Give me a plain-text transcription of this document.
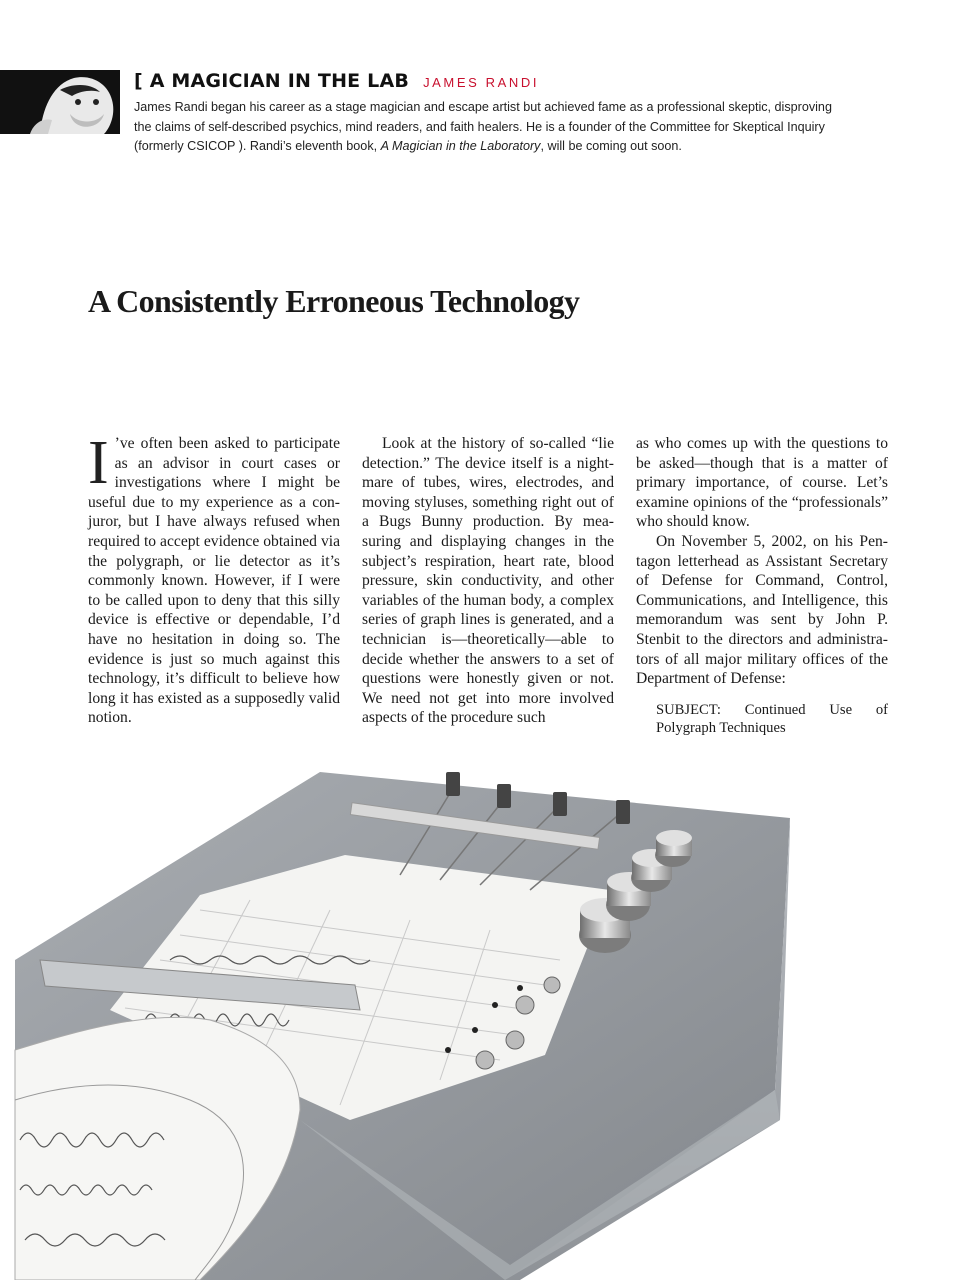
[ A MAGICIAN IN THE LAB JAMES RANDI

James Randi began his career as a stage magician and escape artist but achieved fame as a professional skeptic, disproving the claims of self-described psychics, mind readers, and faith healers. He is a founder of the Committee for Skeptical Inquiry (formerly CSICOP ). Randi’s eleventh book, A Magician in the Laboratory, will be coming out soon.

A Consistently Erroneous Technology

I ’ve often been asked to participate as an advisor in court cases or investigations where I might be useful due to my experience as a conjuror, but I have always refused when required to accept evidence obtained via the polygraph, or lie detector as it’s commonly known. However, if I were to be called upon to deny that this silly device is effective or dependable, I’d have no hesitation in doing so. The evidence is just so much against this technology, it’s difficult to believe how long it has existed as a supposedly valid notion.

Look at the history of so-called “lie detection.” The device itself is a nightmare of tubes, wires, electrodes, and moving styluses, something right out of a Bugs Bunny production. By measuring and displaying changes in the subject’s respiration, heart rate, blood pressure, skin conductivity, and other variables of the human body, a complex series of graph lines is generated, and a technician is—theoretically—able to decide whether the answers to a set of questions were honestly given or not. We need not get into more involved aspects of the procedure such

as who comes up with the questions to be asked—though that is a matter of primary importance, of course. Let’s examine opinions of the “professionals” who should know.

On November 5, 2002, on his Pentagon letterhead as Assistant Secretary of Defense for Command, Control, Communications, and Intelligence, this memorandum was sent by John P. Stenbit to the directors and administrators of all major military offices of the Department of Defense:

SUBJECT: Continued Use of Polygraph Techniques
